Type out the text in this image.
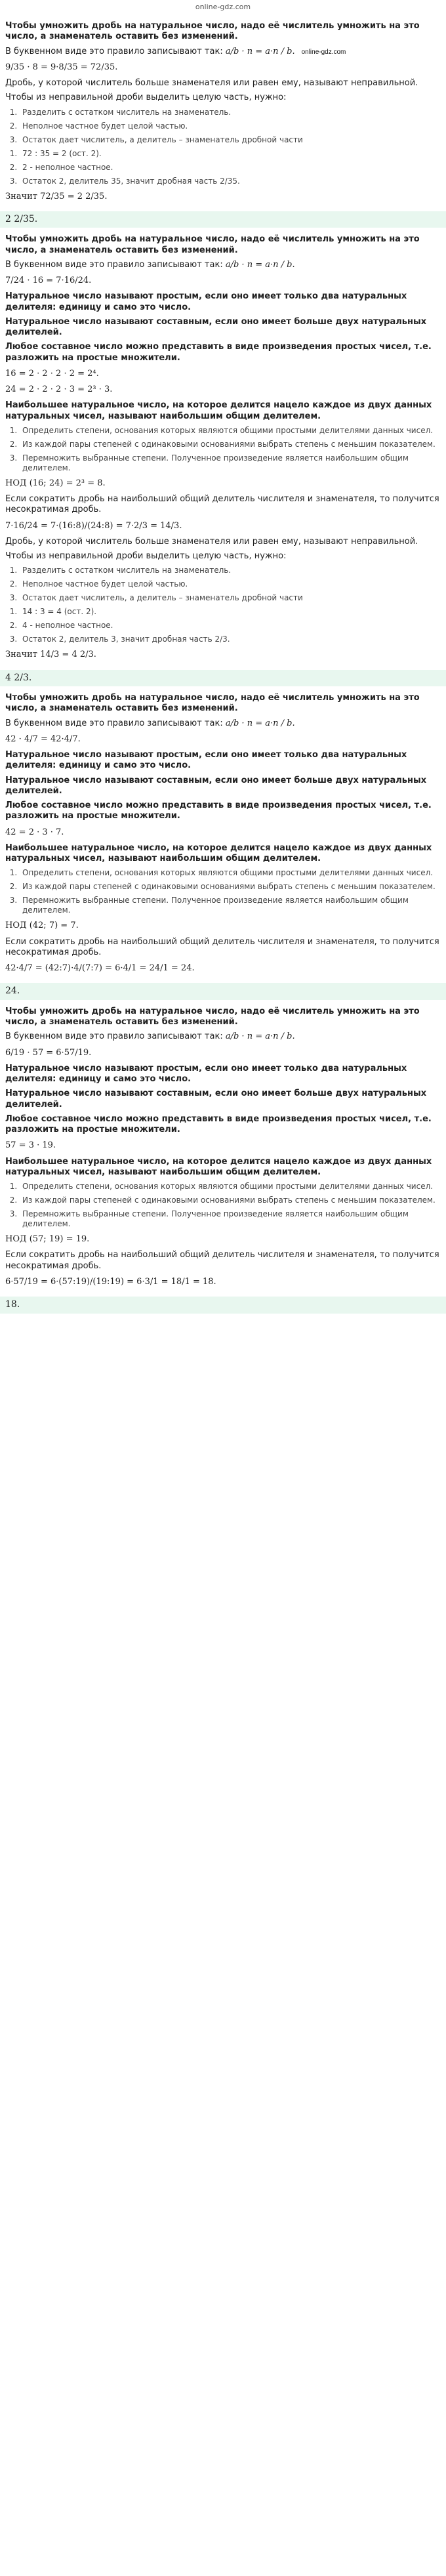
online-gdz.com

Чтобы умножить дробь на натуральное число, надо её числитель умножить на это число, а знаменатель оставить без изменений.

В буквенном виде это правило записывают так: a/b · n = a·n / b. online-gdz.com

9/35 · 8 = 9·8/35 = 72/35.

Дробь, у которой числитель больше знаменателя или равен ему, называют неправильной.

Чтобы из неправильной дроби выделить целую часть, нужно:

1. Разделить с остатком числитель на знаменатель.
2. Неполное частное будет целой частью.
3. Остаток дает числитель, а делитель – знаменатель дробной части
1. 72 : 35 = 2 (ост. 2).
2. 2 - неполное частное.
3. Остаток 2, делитель 35, значит дробная часть 2/35.

Значит 72/35 = 2 2/35.

2 2/35.

Чтобы умножить дробь на натуральное число, надо её числитель умножить на это число, а знаменатель оставить без изменений.

В буквенном виде это правило записывают так: a/b · n = a·n / b.

7/24 · 16 = 7·16/24.

Натуральное число называют простым, если оно имеет только два натуральных делителя: единицу и само это число.

Натуральное число называют составным, если оно имеет больше двух натуральных делителей.

Любое составное число можно представить в виде произведения простых чисел, т.е. разложить на простые множители.

16 = 2 · 2 · 2 · 2 = 2⁴.

24 = 2 · 2 · 2 · 3 = 2³ · 3.

Наибольшее натуральное число, на которое делится нацело каждое из двух данных натуральных чисел, называют наибольшим общим делителем.

1. Определить степени, основания которых являются общими простыми делителями данных чисел.
2. Из каждой пары степеней с одинаковыми основаниями выбрать степень с меньшим показателем.
3. Перемножить выбранные степени. Полученное произведение является наибольшим общим делителем.

НОД (16; 24) = 2³ = 8.

Если сократить дробь на наибольший общий делитель числителя и знаменателя, то получится несократимая дробь.

7·16/24 = 7·(16:8)/(24:8) = 7·2/3 = 14/3.

Дробь, у которой числитель больше знаменателя или равен ему, называют неправильной.

Чтобы из неправильной дроби выделить целую часть, нужно:

1. Разделить с остатком числитель на знаменатель.
2. Неполное частное будет целой частью.
3. Остаток дает числитель, а делитель – знаменатель дробной части
1. 14 : 3 = 4 (ост. 2).
2. 4 - неполное частное.
3. Остаток 2, делитель 3, значит дробная часть 2/3.

Значит 14/3 = 4 2/3.

4 2/3.

Чтобы умножить дробь на натуральное число, надо её числитель умножить на это число, а знаменатель оставить без изменений.

В буквенном виде это правило записывают так: a/b · n = a·n / b.

42 · 4/7 = 42·4/7.

Натуральное число называют простым, если оно имеет только два натуральных делителя: единицу и само это число.

Натуральное число называют составным, если оно имеет больше двух натуральных делителей.

Любое составное число можно представить в виде произведения простых чисел, т.е. разложить на простые множители.

42 = 2 · 3 · 7.

Наибольшее натуральное число, на которое делится нацело каждое из двух данных натуральных чисел, называют наибольшим общим делителем.

1. Определить степени, основания которых являются общими простыми делителями данных чисел.
2. Из каждой пары степеней с одинаковыми основаниями выбрать степень с меньшим показателем.
3. Перемножить выбранные степени. Полученное произведение является наибольшим общим делителем.

НОД (42; 7) = 7.

Если сократить дробь на наибольший общий делитель числителя и знаменателя, то получится несократимая дробь.

42·4/7 = (42:7)·4/(7:7) = 6·4/1 = 24/1 = 24.

24.

Чтобы умножить дробь на натуральное число, надо её числитель умножить на это число, а знаменатель оставить без изменений.

В буквенном виде это правило записывают так: a/b · n = a·n / b.

6/19 · 57 = 6·57/19.

Натуральное число называют простым, если оно имеет только два натуральных делителя: единицу и само это число.

Натуральное число называют составным, если оно имеет больше двух натуральных делителей.

Любое составное число можно представить в виде произведения простых чисел, т.е. разложить на простые множители.

57 = 3 · 19.

Наибольшее натуральное число, на которое делится нацело каждое из двух данных натуральных чисел, называют наибольшим общим делителем.

1. Определить степени, основания которых являются общими простыми делителями данных чисел.
2. Из каждой пары степеней с одинаковыми основаниями выбрать степень с меньшим показателем.
3. Перемножить выбранные степени. Полученное произведение является наибольшим общим делителем.

НОД (57; 19) = 19.

Если сократить дробь на наибольший общий делитель числителя и знаменателя, то получится несократимая дробь.

6·57/19 = 6·(57:19)/(19:19) = 6·3/1 = 18/1 = 18.

18.
